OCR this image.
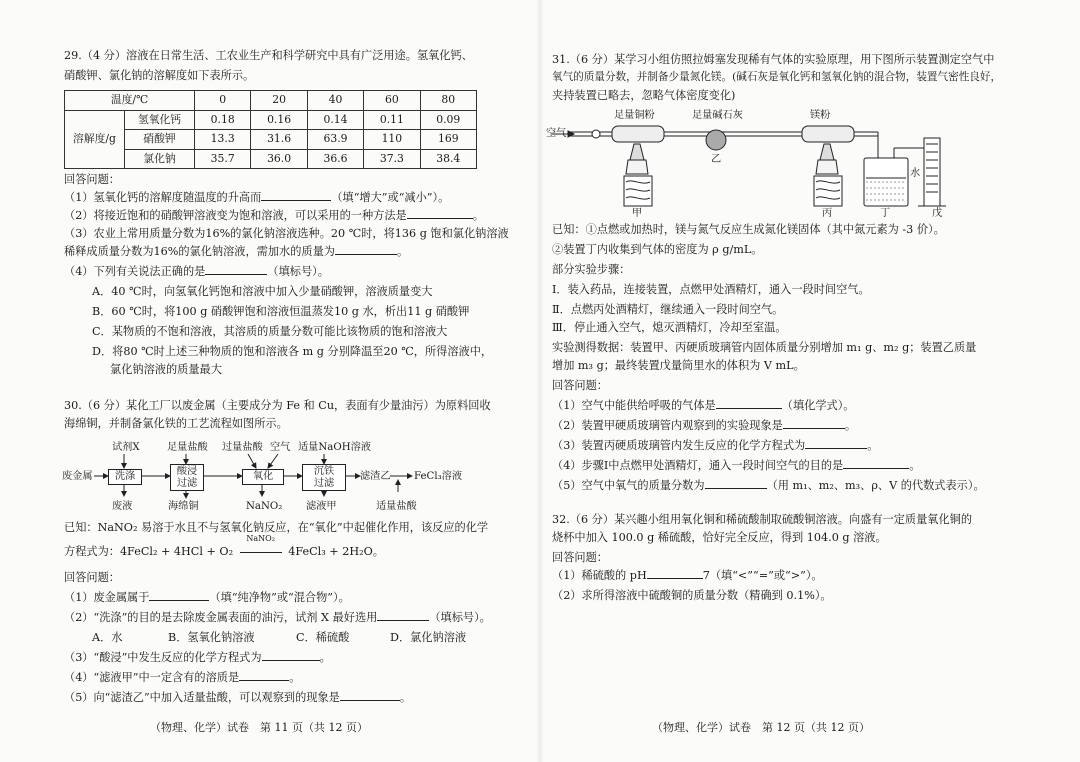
29.（4 分）溶液在日常生活、工农业生产和科学研究中具有广泛用途。氢氧化钙、
硝酸钾、氯化钠的溶解度如下表所示。
温度/℃		0	20	40	60	80
溶解度/g	氢氧化钙	0.18	0.16	0.14	0.11	0.09
	硝酸钾	13.3	31.6	63.9	110	169
	氯化钠	35.7	36.0	36.6	37.3	38.4
回答问题：
（1）氢氧化钙的溶解度随温度的升高而	（填“增大”或“减小”）。
（2）将接近饱和的硝酸钾溶液变为饱和溶液，可以采用的一种方法是	。
（3）农业上常用质量分数为16%的氯化钠溶液选种。20 ℃时，将136 g 饱和氯化钠溶液
稀释成质量分数为16%的氯化钠溶液，需加水的质量为	。
（4）下列有关说法正确的是	（填标号）。
A．40 ℃时，向氢氧化钙饱和溶液中加入少量硝酸钾，溶液质量变大
B．60 ℃时，将100 g 硝酸钾饱和溶液恒温蒸发10 g 水，析出11 g 硝酸钾
C．某物质的不饱和溶液，其溶质的质量分数可能比该物质的饱和溶液大
D．将80 ℃时上述三种物质的饱和溶液各 m g 分别降温至20 ℃，所得溶液中，
氯化钠溶液的质量最大
30.（6 分）某化工厂以废金属（主要成分为 Fe 和 Cu，表面有少量油污）为原料回收
海绵铜，并制备氯化铁的工艺流程如图所示。
废金属
试剂X
洗涤
废液
足量盐酸
酸浸
过滤
海绵铜
过量盐酸 空气
氧化
NaNO₂
适量NaOH溶液
沉铁
过滤
滤液甲
滤渣乙
适量盐酸
FeCl₃溶液
已知：NaNO₂ 易溶于水且不与氢氧化钠反应，在“氧化”中起催化作用，该反应的化学
方程式为：4FeCl₂ + 4HCl + O₂
NaNO₂
4FeCl₃ + 2H₂O。
回答问题：
（1）废金属属于	（填“纯净物”或“混合物”）。
（2）“洗涤”的目的是去除废金属表面的油污，试剂 X 最好选用	（填标号）。
A．水	B．氢氧化钠溶液	C．稀硫酸	D．氯化钠溶液
（3）“酸浸”中发生反应的化学方程式为	。
（4）“滤液甲”中一定含有的溶质是	。
（5）向“滤渣乙”中加入适量盐酸，可以观察到的现象是	。
（物理、化学）试卷　第 11 页（共 12 页）
31.（6 分）某学习小组仿照拉姆塞发现稀有气体的实验原理，用下图所示装置测定空气中
氧气的质量分数，并制备少量氮化镁。(碱石灰是氧化钙和氢氧化钠的混合物，装置气密性良好，
夹持装置已略去，忽略气体密度变化)
空气
足量铜粉	足量碱石灰	镁粉
甲
乙
丙	丁	戊
水
已知：①点燃或加热时，镁与氮气反应生成氮化镁固体（其中氮元素为 -3 价）。
②装置丁内收集到气体的密度为 ρ g/mL。
部分实验步骤：
Ⅰ．装入药品，连接装置，点燃甲处酒精灯，通入一段时间空气。
Ⅱ．点燃丙处酒精灯，继续通入一段时间空气。
Ⅲ．停止通入空气，熄灭酒精灯，冷却至室温。
实验测得数据：装置甲、丙硬质玻璃管内固体质量分别增加 m₁ g、m₂ g；装置乙质量
增加 m₃ g；最终装置戊量筒里水的体积为 V mL。
回答问题：
（1）空气中能供给呼吸的气体是	（填化学式）。
（2）装置甲硬质玻璃管内观察到的实验现象是	。
（3）装置丙硬质玻璃管内发生反应的化学方程式为	。
（4）步骤Ⅰ中点燃甲处酒精灯，通入一段时间空气的目的是	。
（5）空气中氧气的质量分数为	（用 m₁、m₂、m₃、ρ、V 的代数式表示）。
32.（6 分）某兴趣小组用氧化铜和稀硫酸制取硫酸铜溶液。向盛有一定质量氧化铜的
烧杯中加入 100.0 g 稀硫酸，恰好完全反应，得到 104.0 g 溶液。
回答问题：
（1）稀硫酸的 pH	7（填“<”“=”或“>”）。
（2）求所得溶液中硫酸铜的质量分数（精确到 0.1%）。
（物理、化学）试卷　第 12 页（共 12 页）
